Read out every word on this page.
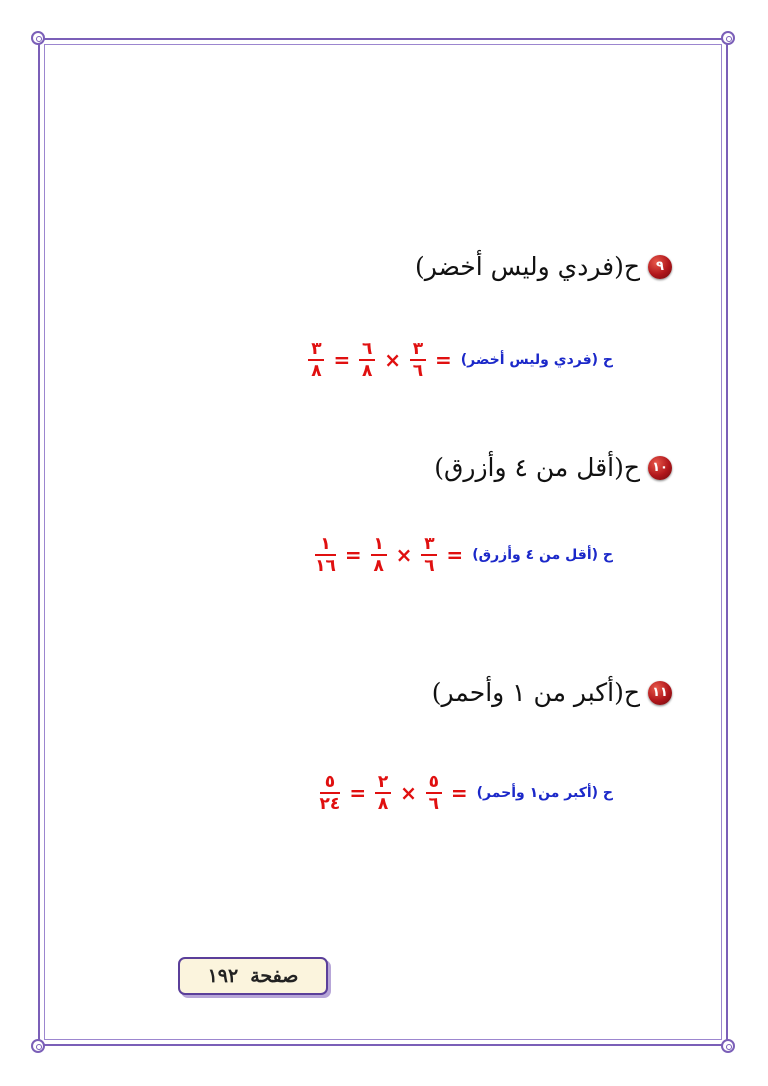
٩
ح(فردي وليس أخضر)
ح (فردي وليس أخضر)
=
$\frac{٣}{٦}$
×
$\frac{٦}{٨}$
=
$\frac{٣}{٨}$
١٠
ح(أقل من ٤ وأزرق)
ح (أقل من ٤ وأزرق)
=
$\frac{٣}{٦}$
×
$\frac{١}{٨}$
=
$\frac{١}{١٦}$
١١
ح(أكبر من ١ وأحمر)
ح (أكبر من١ وأحمر)
=
$\frac{٥}{٦}$
×
$\frac{٢}{٨}$
=
$\frac{٥}{٢٤}$
صفحة
١٩٢
